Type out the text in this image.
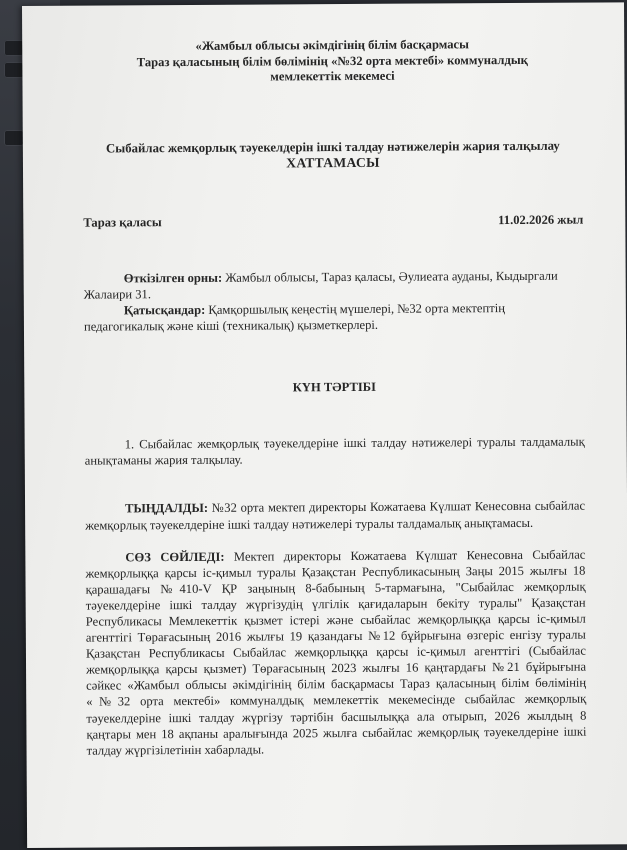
«Жамбыл облысы әкімдігінің білім басқармасы

Тараз қаласының білім бөлімінің «№32 орта мектебі» коммуналдық

мемлекеттік мекемесі

Сыбайлас жемқорлық тәуекелдерін ішкі талдау нәтижелерін жария талқылау

ХАТТАМАСЫ

Тараз қаласы	11.02.2026 жыл

Өткізілген орны: Жамбыл облысы, Тараз қаласы, Әулиеата ауданы, Кыдыргали Жалаири 31.

Қатысқандар: Қамқоршылық кеңестің мүшелері, №32 орта мектептің педагогикалық және кіші (техникалық) қызметкерлері.

КҮН ТӘРТІБІ

1. Сыбайлас жемқорлық тәуекелдеріне ішкі талдау нәтижелері туралы талдамалық анықтаманы жария талқылау.

ТЫҢДАЛДЫ: №32 орта мектеп директоры Кожатаева Күлшат Кенесовна сыбайлас жемқорлық тәуекелдеріне ішкі талдау нәтижелері туралы талдамалық анықтамасы.

СӨЗ СӨЙЛЕДІ: Мектеп директоры Кожатаева Күлшат Кенесовна Сыбайлас жемқорлыққа қарсы іс-қимыл туралы Қазақстан Республикасының Заңы 2015 жылғы 18 қарашадағы №410-V ҚР заңының 8-бабының 5-тармағына, "Сыбайлас жемқорлық тәуекелдеріне ішкі талдау жүргізудің үлгілік қағидаларын бекіту туралы" Қазақстан Республикасы Мемлекеттік қызмет істері және сыбайлас жемқорлыққа қарсы іс-қимыл агенттігі Төрағасының 2016 жылғы 19 қазандағы №12 бұйрығына өзгеріс енгізу туралы Қазақстан Республикасы Сыбайлас жемқорлыққа қарсы іс-қимыл агенттігі (Сыбайлас жемқорлыққа қарсы қызмет) Төрағасының 2023 жылғы 16 қаңтардағы №21 бұйрығына сәйкес «Жамбыл облысы әкімдігінің білім басқармасы Тараз қаласының білім бөлімінің «№32 орта мектебі» коммуналдық мемлекеттік мекемесінде сыбайлас жемқорлық тәуекелдеріне ішкі талдау жүргізу тәртібін басшылыққа ала отырып, 2026 жылдың 8 қаңтары мен 18 ақпаны аралығында 2025 жылға сыбайлас жемқорлық тәуекелдеріне ішкі талдау жүргізілетінін хабарлады.
